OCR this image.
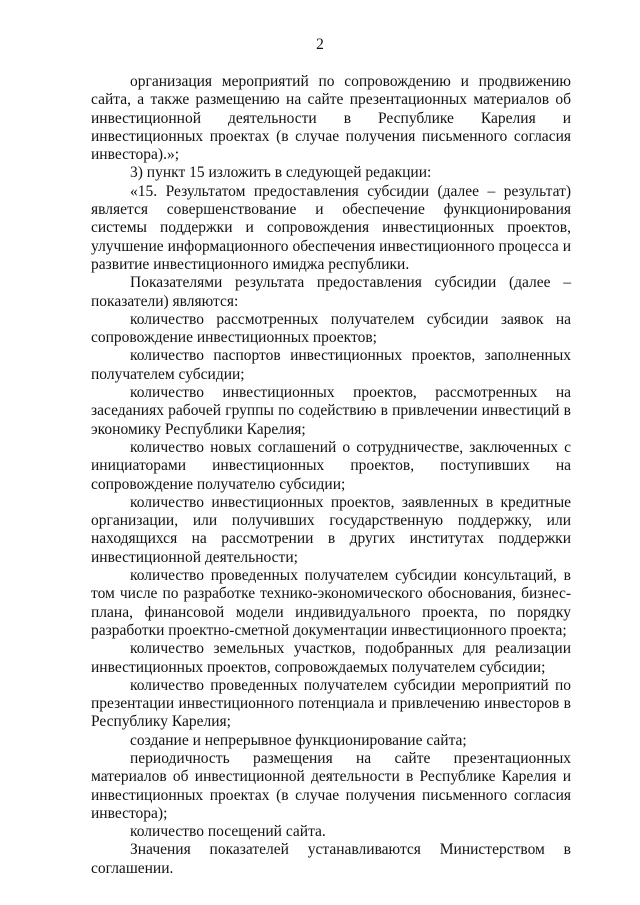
2

организация мероприятий по сопровождению и продвижению сайта, а также размещению на сайте презентационных материалов об инвестиционной деятельности в Республике Карелия и инвестиционных проектах (в случае получения письменного согласия инвестора).»;

3) пункт 15 изложить в следующей редакции:

«15. Результатом предоставления субсидии (далее – результат) является совершенствование и обеспечение функционирования системы поддержки и сопровождения инвестиционных проектов, улучшение информационного обеспечения инвестиционного процесса и развитие инвестиционного имиджа республики.

Показателями результата предоставления субсидии (далее – показатели) являются:

количество рассмотренных получателем субсидии заявок на сопровождение инвестиционных проектов;

количество паспортов инвестиционных проектов, заполненных получателем субсидии;

количество инвестиционных проектов, рассмотренных на заседаниях рабочей группы по содействию в привлечении инвестиций в экономику Республики Карелия;

количество новых соглашений о сотрудничестве, заключенных с инициаторами инвестиционных проектов, поступивших на сопровождение получателю субсидии;

количество инвестиционных проектов, заявленных в кредитные организации, или получивших государственную поддержку, или находящихся на рассмотрении в других институтах поддержки инвестиционной деятельности;

количество проведенных получателем субсидии консультаций, в том числе по разработке технико-экономического обоснования, бизнес-плана, финансовой модели индивидуального проекта, по порядку разработки проектно-сметной документации инвестиционного проекта;

количество земельных участков, подобранных для реализации инвестиционных проектов, сопровождаемых получателем субсидии;

количество проведенных получателем субсидии мероприятий по презентации инвестиционного потенциала и привлечению инвесторов в Республику Карелия;

создание и непрерывное функционирование сайта;

периодичность размещения на сайте презентационных материалов об инвестиционной деятельности в Республике Карелия и инвестиционных проектах (в случае получения письменного согласия инвестора);

количество посещений сайта.

Значения показателей устанавливаются Министерством в соглашении.
